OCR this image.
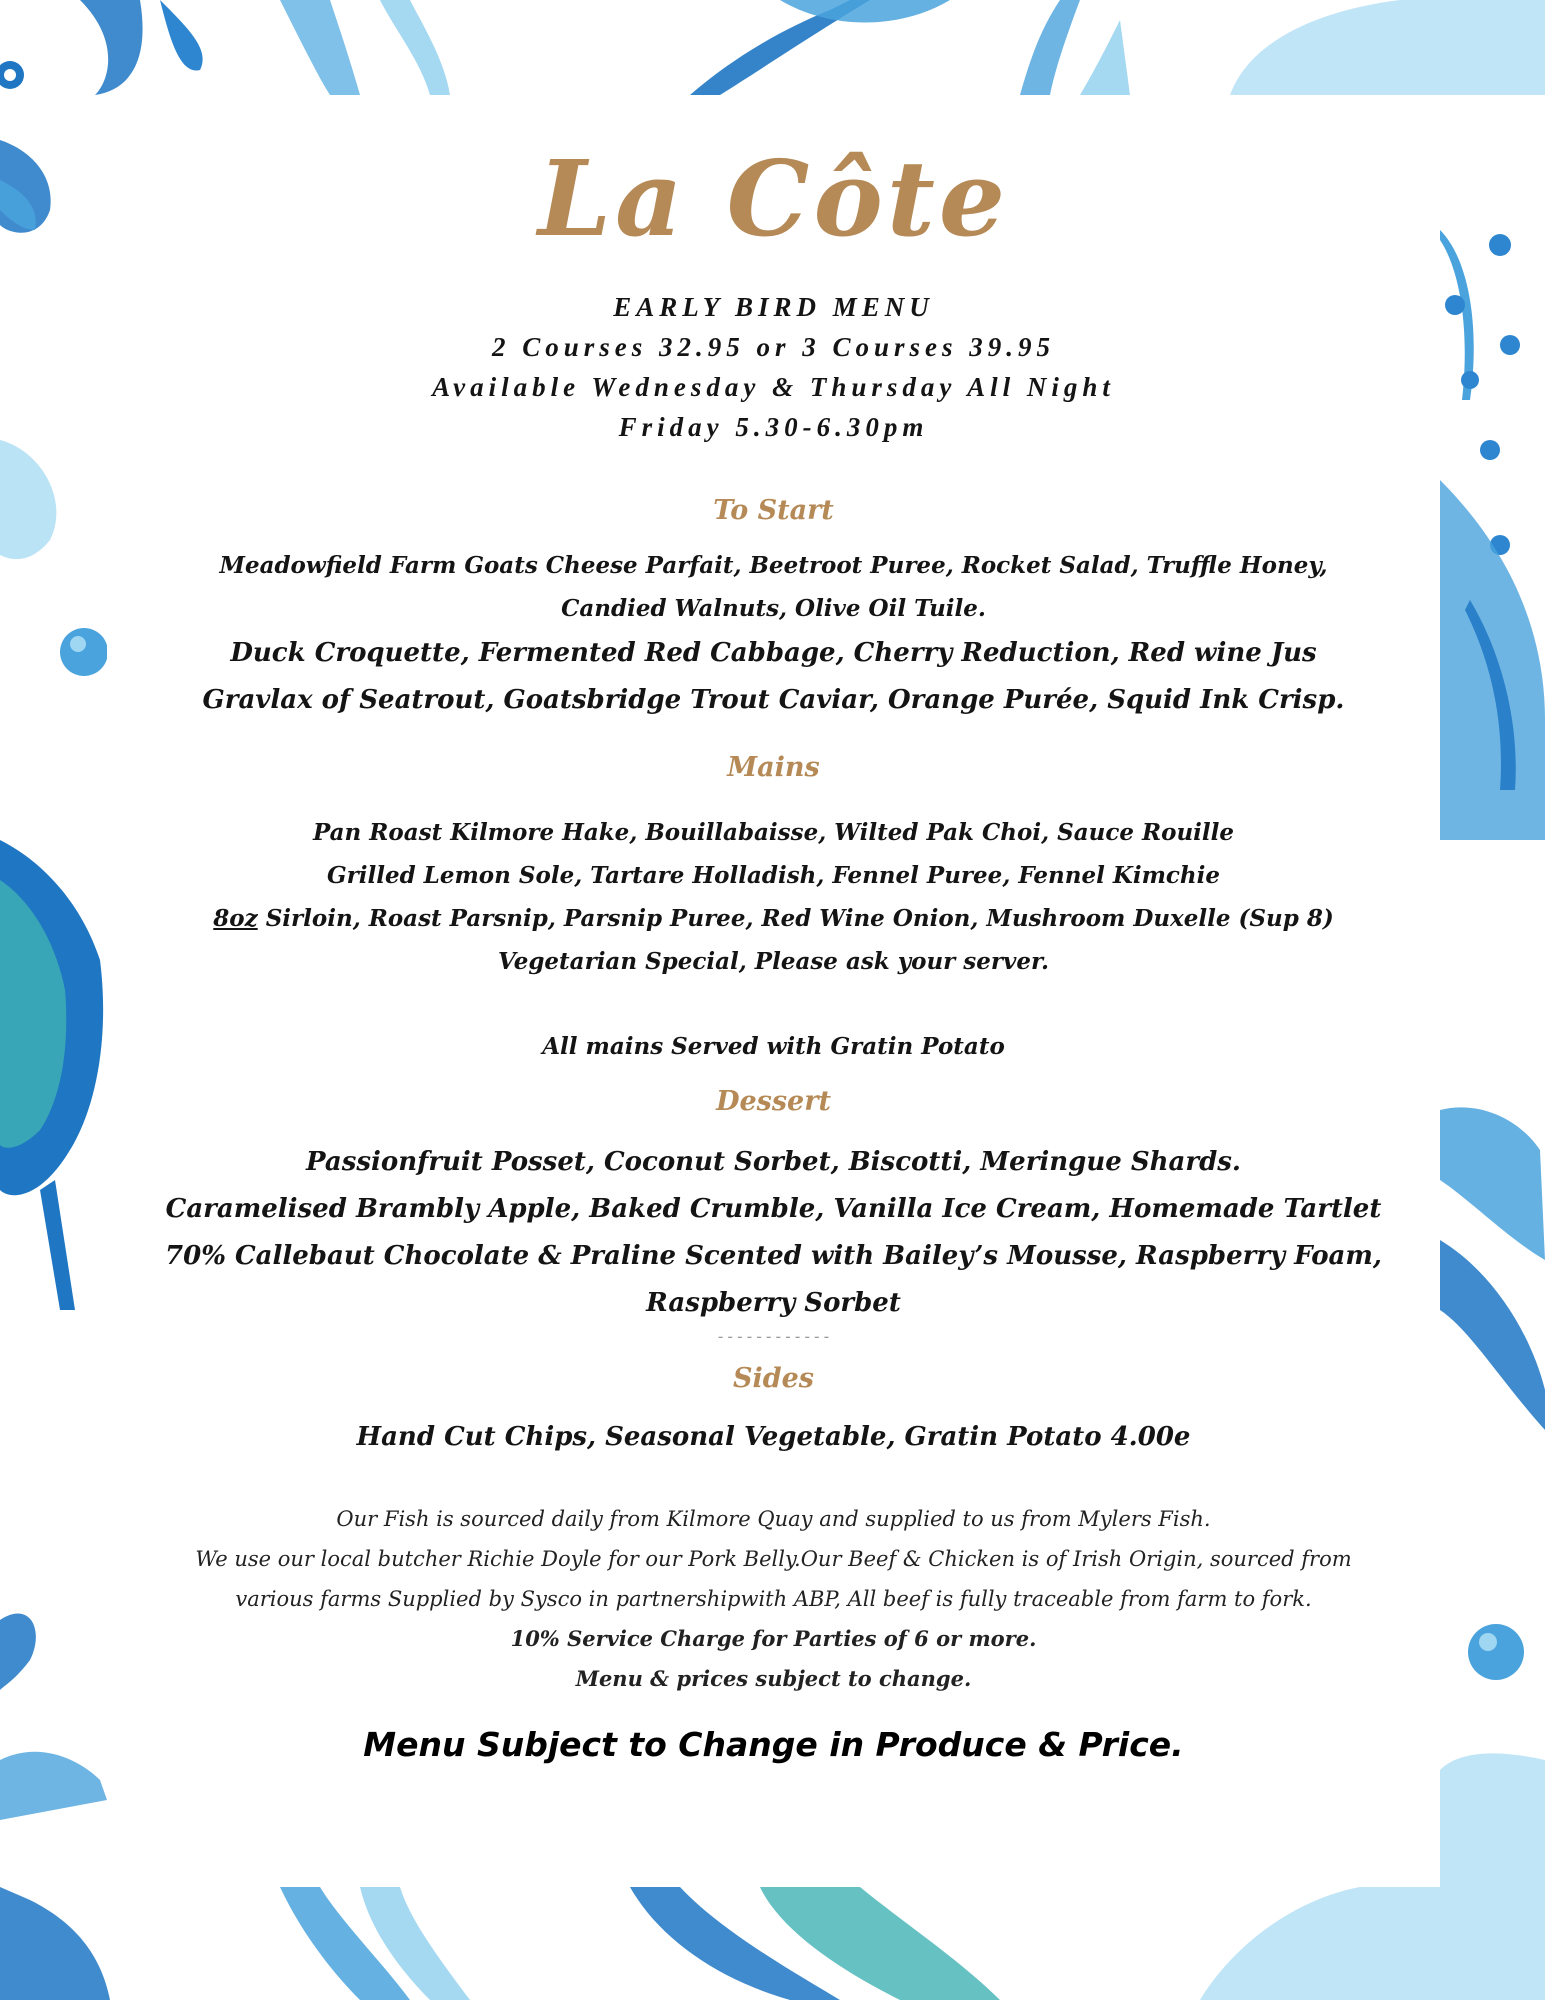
La Côte
EARLY BIRD MENU
2 Courses 32.95 or 3 Courses 39.95
Available Wednesday & Thursday All Night
Friday 5.30-6.30pm
To Start
Meadowfield Farm Goats Cheese Parfait, Beetroot Puree, Rocket Salad, Truffle Honey,
Candied Walnuts, Olive Oil Tuile.
Duck Croquette, Fermented Red Cabbage, Cherry Reduction, Red wine Jus
Gravlax of Seatrout, Goatsbridge Trout Caviar, Orange Purée, Squid Ink Crisp.
Mains
Pan Roast Kilmore Hake, Bouillabaisse, Wilted Pak Choi, Sauce Rouille
Grilled Lemon Sole, Tartare Holladish, Fennel Puree, Fennel Kimchie
8oz Sirloin, Roast Parsnip, Parsnip Puree, Red Wine Onion, Mushroom Duxelle (Sup 8)
Vegetarian Special, Please ask your server.
All mains Served with Gratin Potato
Dessert
Passionfruit Posset, Coconut Sorbet, Biscotti, Meringue Shards.
Caramelised Brambly Apple, Baked Crumble, Vanilla Ice Cream, Homemade Tartlet
70% Callebaut Chocolate & Praline Scented with Bailey’s Mousse, Raspberry Foam,
Raspberry Sorbet
------------
Sides
Hand Cut Chips, Seasonal Vegetable, Gratin Potato 4.00e
Our Fish is sourced daily from Kilmore Quay and supplied to us from Mylers Fish.
We use our local butcher Richie Doyle for our Pork Belly.Our Beef & Chicken is of Irish Origin, sourced from
various farms Supplied by Sysco in partnershipwith ABP, All beef is fully traceable from farm to fork.
10% Service Charge for Parties of 6 or more.
Menu & prices subject to change.
Menu Subject to Change in Produce & Price.
